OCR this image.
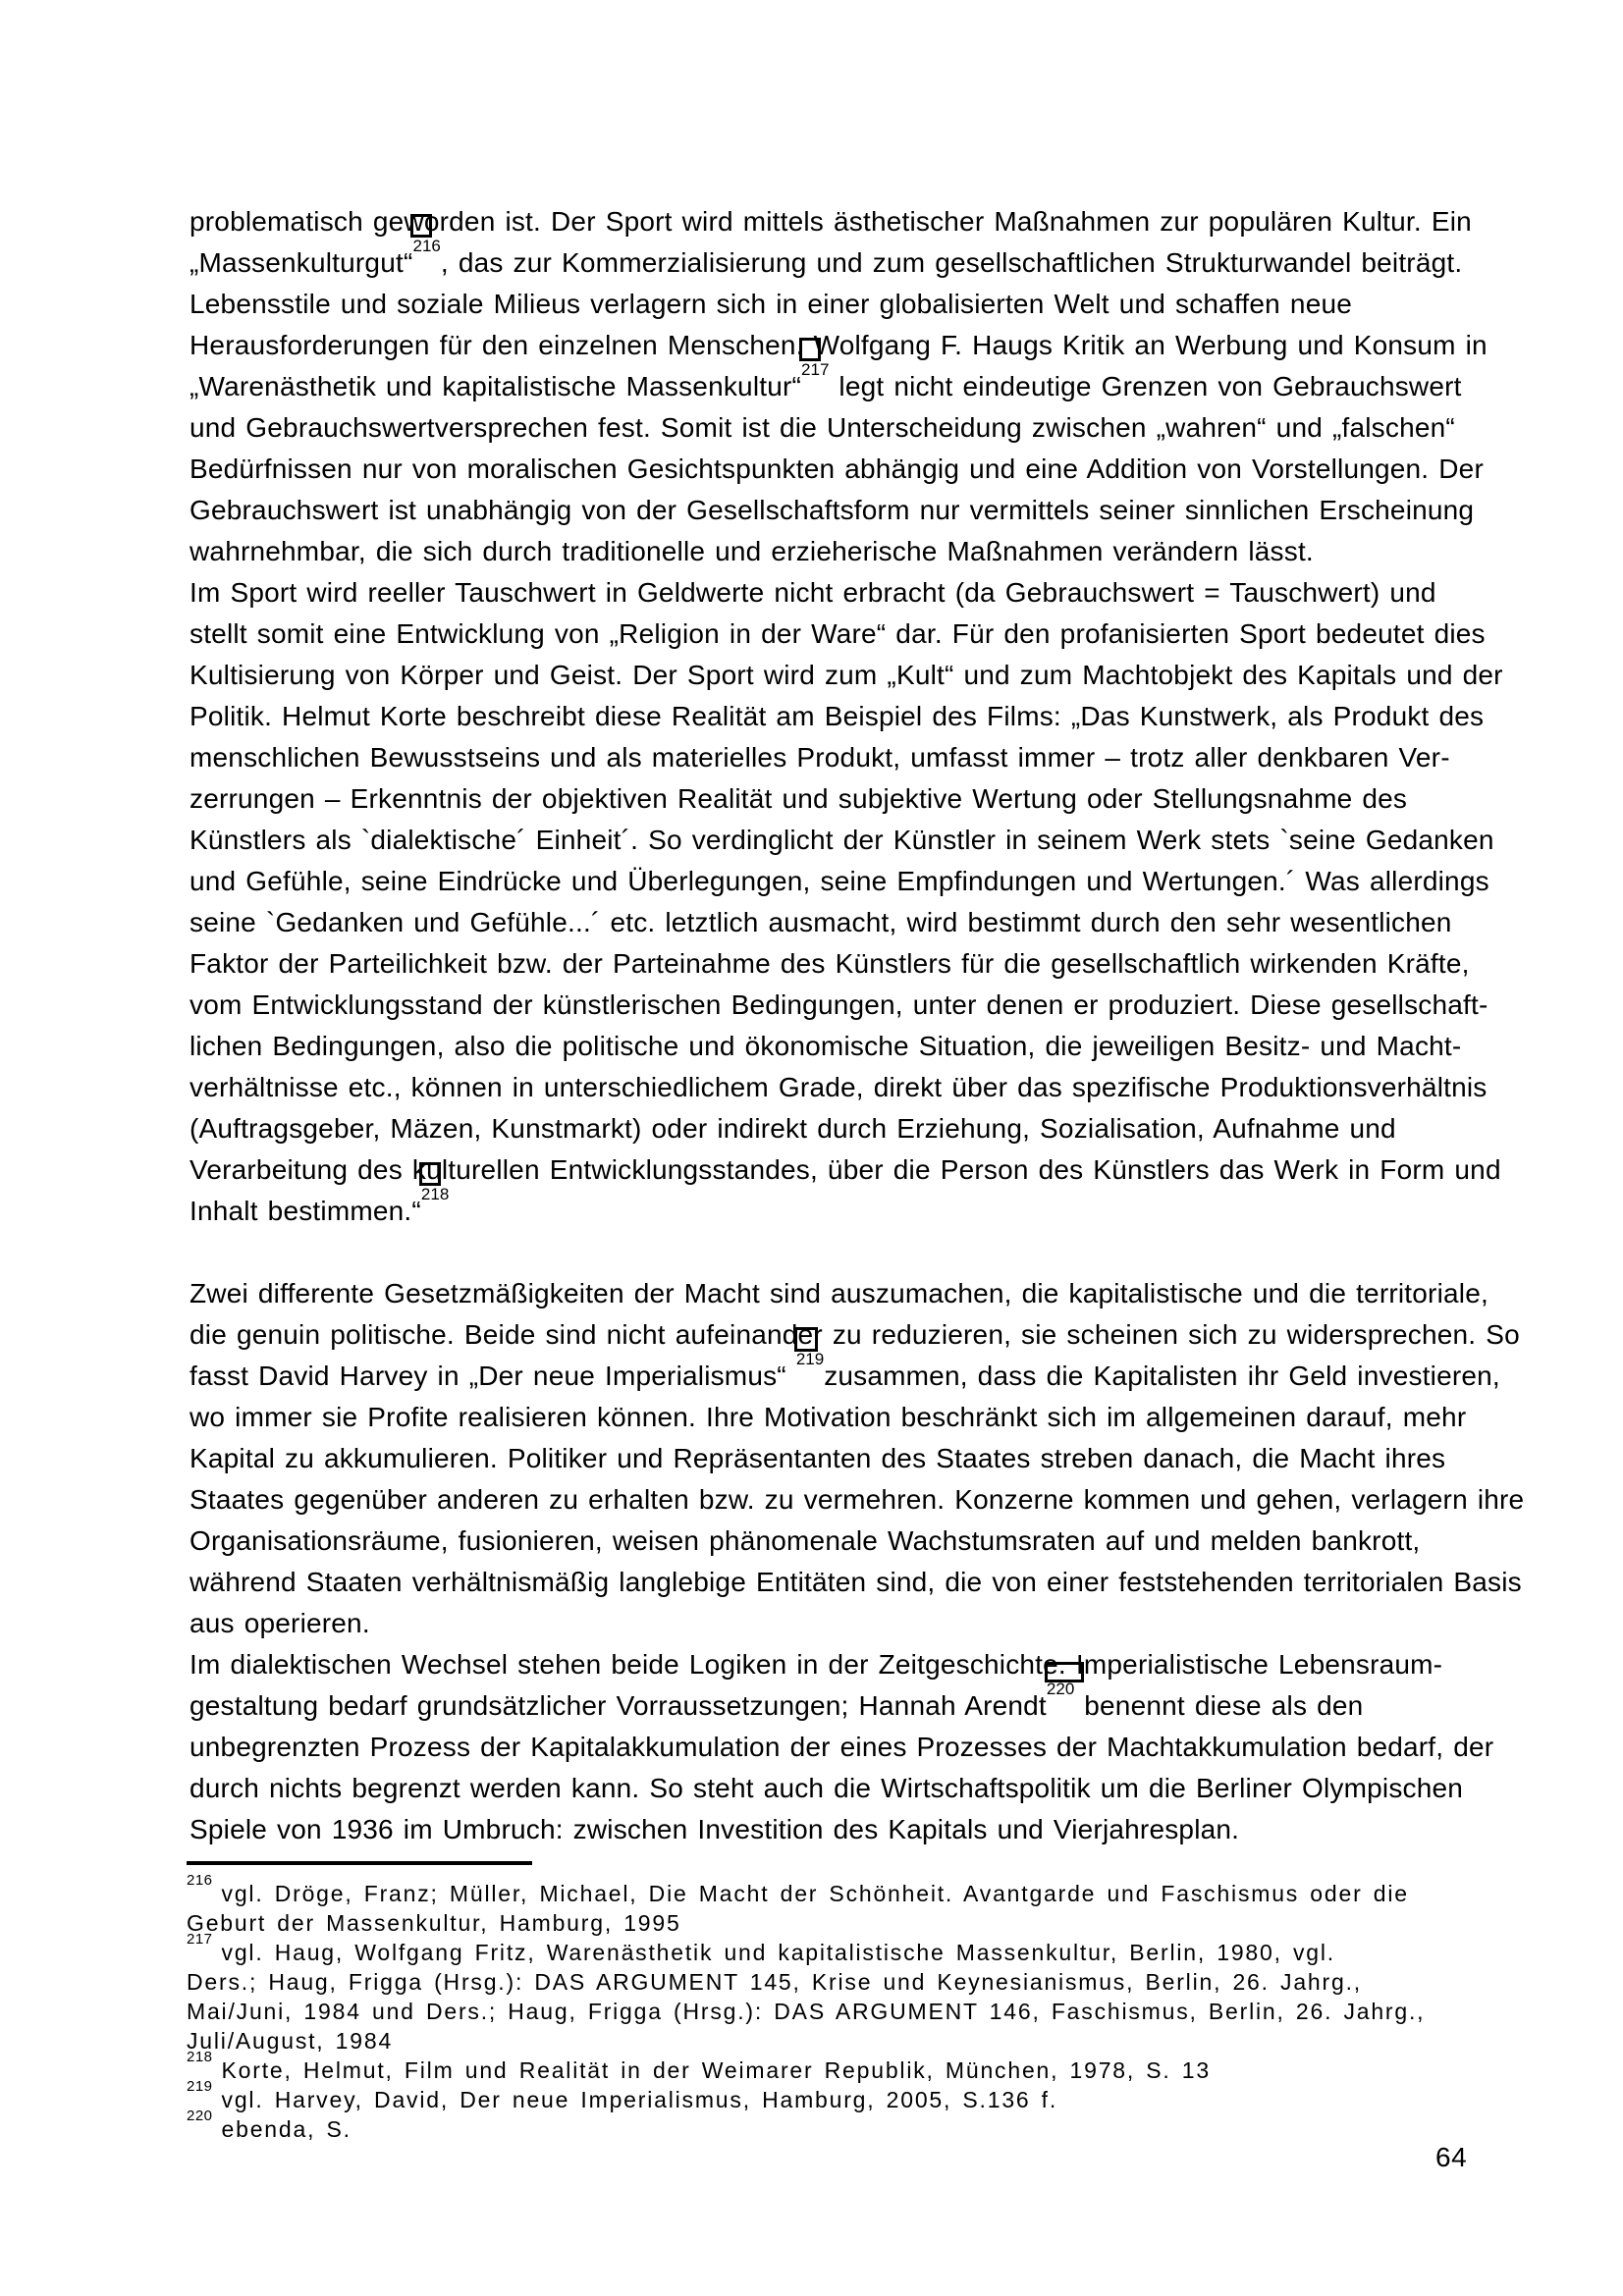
problematisch geworden ist. Der Sport wird mittels ästhetischer Maßnahmen zur populären Kultur. Ein
„Massenkulturgut“
$^{216}$, das zur Kommerzialisierung und zum gesellschaftlichen Strukturwandel beiträgt.
Lebensstile und soziale Milieus verlagern sich in einer globalisierten Welt und schaffen neue
Herausforderungen für den einzelnen Menschen. Wolfgang F. Haugs Kritik an Werbung und Konsum in
„Warenästhetik und kapitalistische Massenkultur“
$^{217}$ legt nicht eindeutige Grenzen von Gebrauchswert
und Gebrauchswertversprechen fest. Somit ist die Unterscheidung zwischen „wahren“ und „falschen“
Bedürfnissen nur von moralischen Gesichtspunkten abhängig und eine Addition von Vorstellungen. Der
Gebrauchswert ist unabhängig von der Gesellschaftsform nur vermittels seiner sinnlichen Erscheinung
wahrnehmbar, die sich durch traditionelle und erzieherische Maßnahmen verändern lässt.
Im Sport wird reeller Tauschwert in Geldwerte nicht erbracht (da Gebrauchswert = Tauschwert) und
stellt somit eine Entwicklung von „Religion in der Ware“ dar. Für den profanisierten Sport bedeutet dies
Kultisierung von Körper und Geist. Der Sport wird zum „Kult“ und zum Machtobjekt des Kapitals und der
Politik. Helmut Korte beschreibt diese Realität am Beispiel des Films: „Das Kunstwerk, als Produkt des
menschlichen Bewusstseins und als materielles Produkt, umfasst immer – trotz aller denkbaren Ver-
zerrungen – Erkenntnis der objektiven Realität und subjektive Wertung oder Stellungsnahme des
Künstlers als `dialektische´ Einheit´. So verdinglicht der Künstler in seinem Werk stets `seine Gedanken
und Gefühle, seine Eindrücke und Überlegungen, seine Empfindungen und Wertungen.´ Was allerdings
seine `Gedanken und Gefühle...´ etc. letztlich ausmacht, wird bestimmt durch den sehr wesentlichen
Faktor der Parteilichkeit bzw. der Parteinahme des Künstlers für die gesellschaftlich wirkenden Kräfte,
vom Entwicklungsstand der künstlerischen Bedingungen, unter denen er produziert. Diese gesellschaft-
lichen Bedingungen, also die politische und ökonomische Situation, die jeweiligen Besitz- und Macht-
verhältnisse etc., können in unterschiedlichem Grade, direkt über das spezifische Produktionsverhältnis
(Auftragsgeber, Mäzen, Kunstmarkt) oder indirekt durch Erziehung, Sozialisation, Aufnahme und
Verarbeitung des kulturellen Entwicklungsstandes, über die Person des Künstlers das Werk in Form und
Inhalt bestimmen.“
$^{218}$
Zwei differente Gesetzmäßigkeiten der Macht sind auszumachen, die kapitalistische und die territoriale,
die genuin politische. Beide sind nicht aufeinander zu reduzieren, sie scheinen sich zu widersprechen. So
fasst David Harvey in „Der neue Imperialismus“
$^{219}$zusammen, dass die Kapitalisten ihr Geld investieren,
wo immer sie Profite realisieren können. Ihre Motivation beschränkt sich im allgemeinen darauf, mehr
Kapital zu akkumulieren. Politiker und Repräsentanten des Staates streben danach, die Macht ihres
Staates gegenüber anderen zu erhalten bzw. zu vermehren. Konzerne kommen und gehen, verlagern ihre
Organisationsräume, fusionieren, weisen phänomenale Wachstumsraten auf und melden bankrott,
während Staaten verhältnismäßig langlebige Entitäten sind, die von einer feststehenden territorialen Basis
aus operieren.
Im dialektischen Wechsel stehen beide Logiken in der Zeitgeschichte. Imperialistische Lebensraum-
gestaltung bedarf grundsätzlicher Vorraussetzungen; Hannah Arendt
$^{220}$ benennt diese als den
unbegrenzten Prozess der Kapitalakkumulation der eines Prozesses der Machtakkumulation bedarf, der
durch nichts begrenzt werden kann. So steht auch die Wirtschaftspolitik um die Berliner Olympischen
Spiele von 1936 im Umbruch: zwischen Investition des Kapitals und Vierjahresplan.
$^{216}$vgl. Dröge, Franz; Müller, Michael, Die Macht der Schönheit. Avantgarde und Faschismus oder die
Geburt der Massenkultur, Hamburg, 1995
$^{217}$vgl. Haug, Wolfgang Fritz, Warenästhetik und kapitalistische Massenkultur, Berlin, 1980, vgl.
Ders.; Haug, Frigga (Hrsg.): DAS ARGUMENT 145, Krise und Keynesianismus, Berlin, 26. Jahrg.,
Mai/Juni, 1984 und Ders.; Haug, Frigga (Hrsg.): DAS ARGUMENT 146, Faschismus, Berlin, 26. Jahrg.,
Juli/August, 1984
$^{218}$Korte, Helmut, Film und Realität in der Weimarer Republik, München, 1978, S. 13
$^{219}$vgl. Harvey, David, Der neue Imperialismus, Hamburg, 2005, S.136 f.
$^{220}$ebenda, S.
64
